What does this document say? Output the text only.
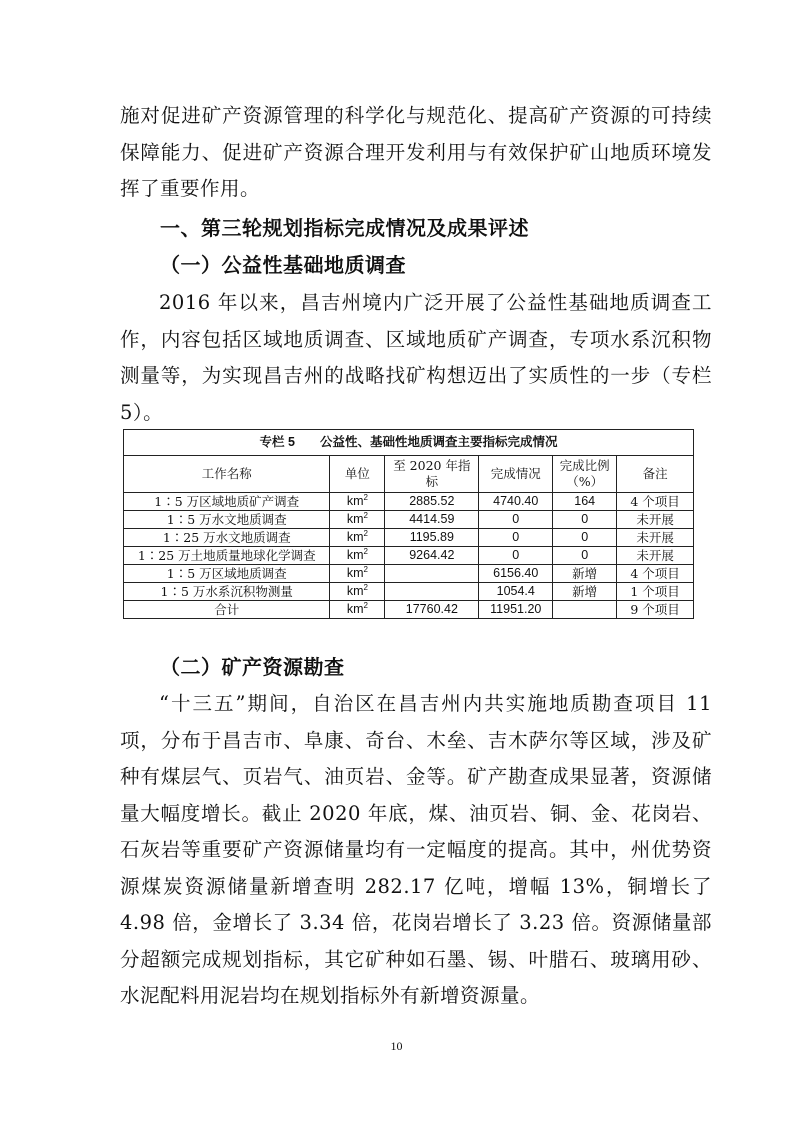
施对促进矿产资源管理的科学化与规范化、提高矿产资源的可持续保障能力、促进矿产资源合理开发利用与有效保护矿山地质环境发挥了重要作用。

一、第三轮规划指标完成情况及成果评述

（一）公益性基础地质调查

2016 年以来，昌吉州境内广泛开展了公益性基础地质调查工作，内容包括区域地质调查、区域地质矿产调查，专项水系沉积物测量等，为实现昌吉州的战略找矿构想迈出了实质性的一步（专栏 5）。

专栏 5　　公益性、基础性地质调查主要指标完成情况					
工作名称	单位	至 2020 年指标	完成情况	完成比例（%）	备注
1∶5 万区域地质矿产调查	$km^2$	2885.52	4740.40	164	4 个项目
1∶5 万水文地质调查	$km^2$	4414.59	0	0	未开展
1∶25 万水文地质调查	$km^2$	1195.89	0	0	未开展
1∶25 万土地质量地球化学调查	$km^2$	9264.42	0	0	未开展
1∶5 万区域地质调查	$km^2$		6156.40	新增	4 个项目
1∶5 万水系沉积物测量	$km^2$		1054.4	新增	1 个项目
合计	$km^2$	17760.42	11951.20		9 个项目

（二）矿产资源勘查

“十三五”期间，自治区在昌吉州内共实施地质勘查项目 11 项，分布于昌吉市、阜康、奇台、木垒、吉木萨尔等区域，涉及矿种有煤层气、页岩气、油页岩、金等。矿产勘查成果显著，资源储量大幅度增长。截止 2020 年底，煤、油页岩、铜、金、花岗岩、石灰岩等重要矿产资源储量均有一定幅度的提高。其中，州优势资源煤炭资源储量新增查明 282.17 亿吨，增幅 13%，铜增长了 4.98 倍，金增长了 3.34 倍，花岗岩增长了 3.23 倍。资源储量部分超额完成规划指标，其它矿种如石墨、锡、叶腊石、玻璃用砂、水泥配料用泥岩均在规划指标外有新增资源量。

10
